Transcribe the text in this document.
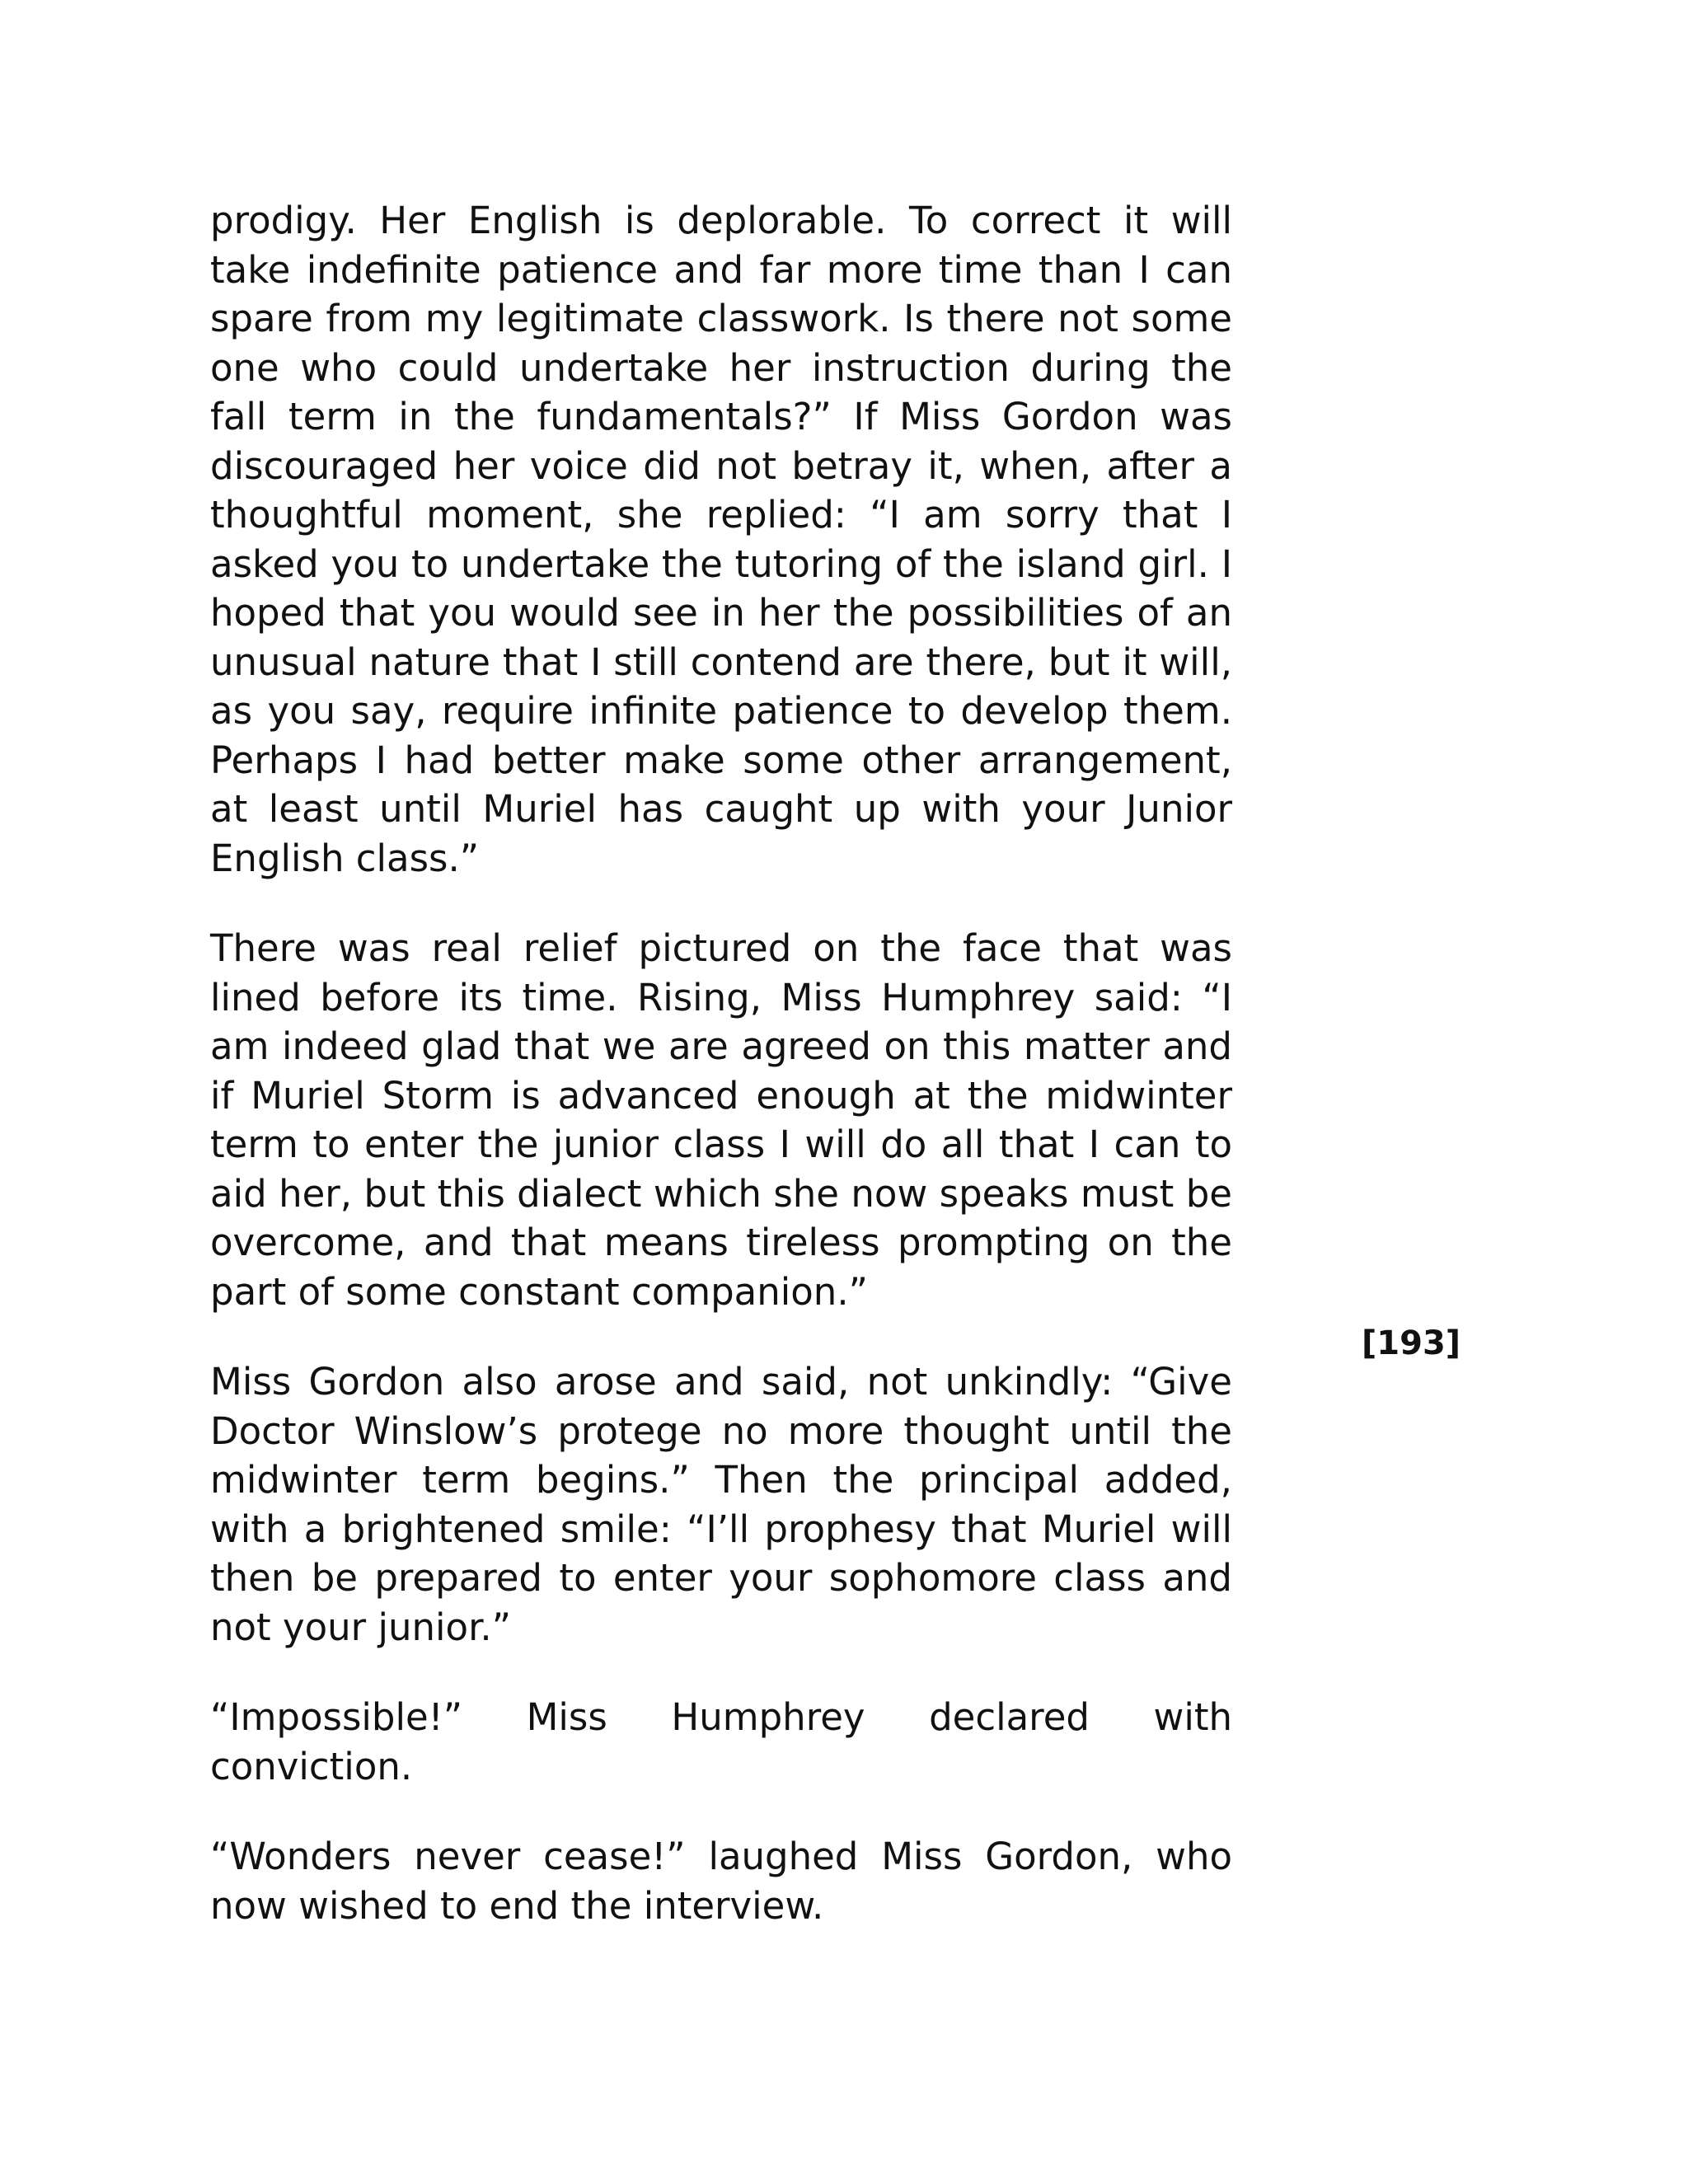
prodigy. Her English is deplorable. To correct it will take indefinite patience and far more time than I can spare from my legitimate classwork. Is there not some one who could undertake her instruction during the fall term in the fundamentals?” If Miss Gordon was discouraged her voice did not betray it, when, after a thoughtful moment, she replied: “I am sorry that I asked you to undertake the tutoring of the island girl. I hoped that you would see in her the possibilities of an unusual nature that I still contend are there, but it will, as you say, require infinite patience to develop them. Perhaps I had better make some other arrangement, at least until Muriel has caught up with your Junior English class.”

There was real relief pictured on the face that was lined before its time. Rising, Miss Humphrey said: “I am indeed glad that we are agreed on this matter and if Muriel Storm is advanced enough at the midwinter term to enter the junior class I will do all that I can to aid her, but this dialect which she now speaks must be overcome, and that means tireless prompting on the part of some constant companion.”

Miss Gordon also arose and said, not unkindly: “Give Doctor Winslow’s protege no more thought until the midwinter term begins.” Then the principal added, with a brightened smile: “I’ll prophesy that Muriel will then be prepared to enter your sophomore class and not your junior.”

“Impossible!” Miss Humphrey declared with conviction.

“Wonders never cease!” laughed Miss Gordon, who now wished to end the interview.

[193]
